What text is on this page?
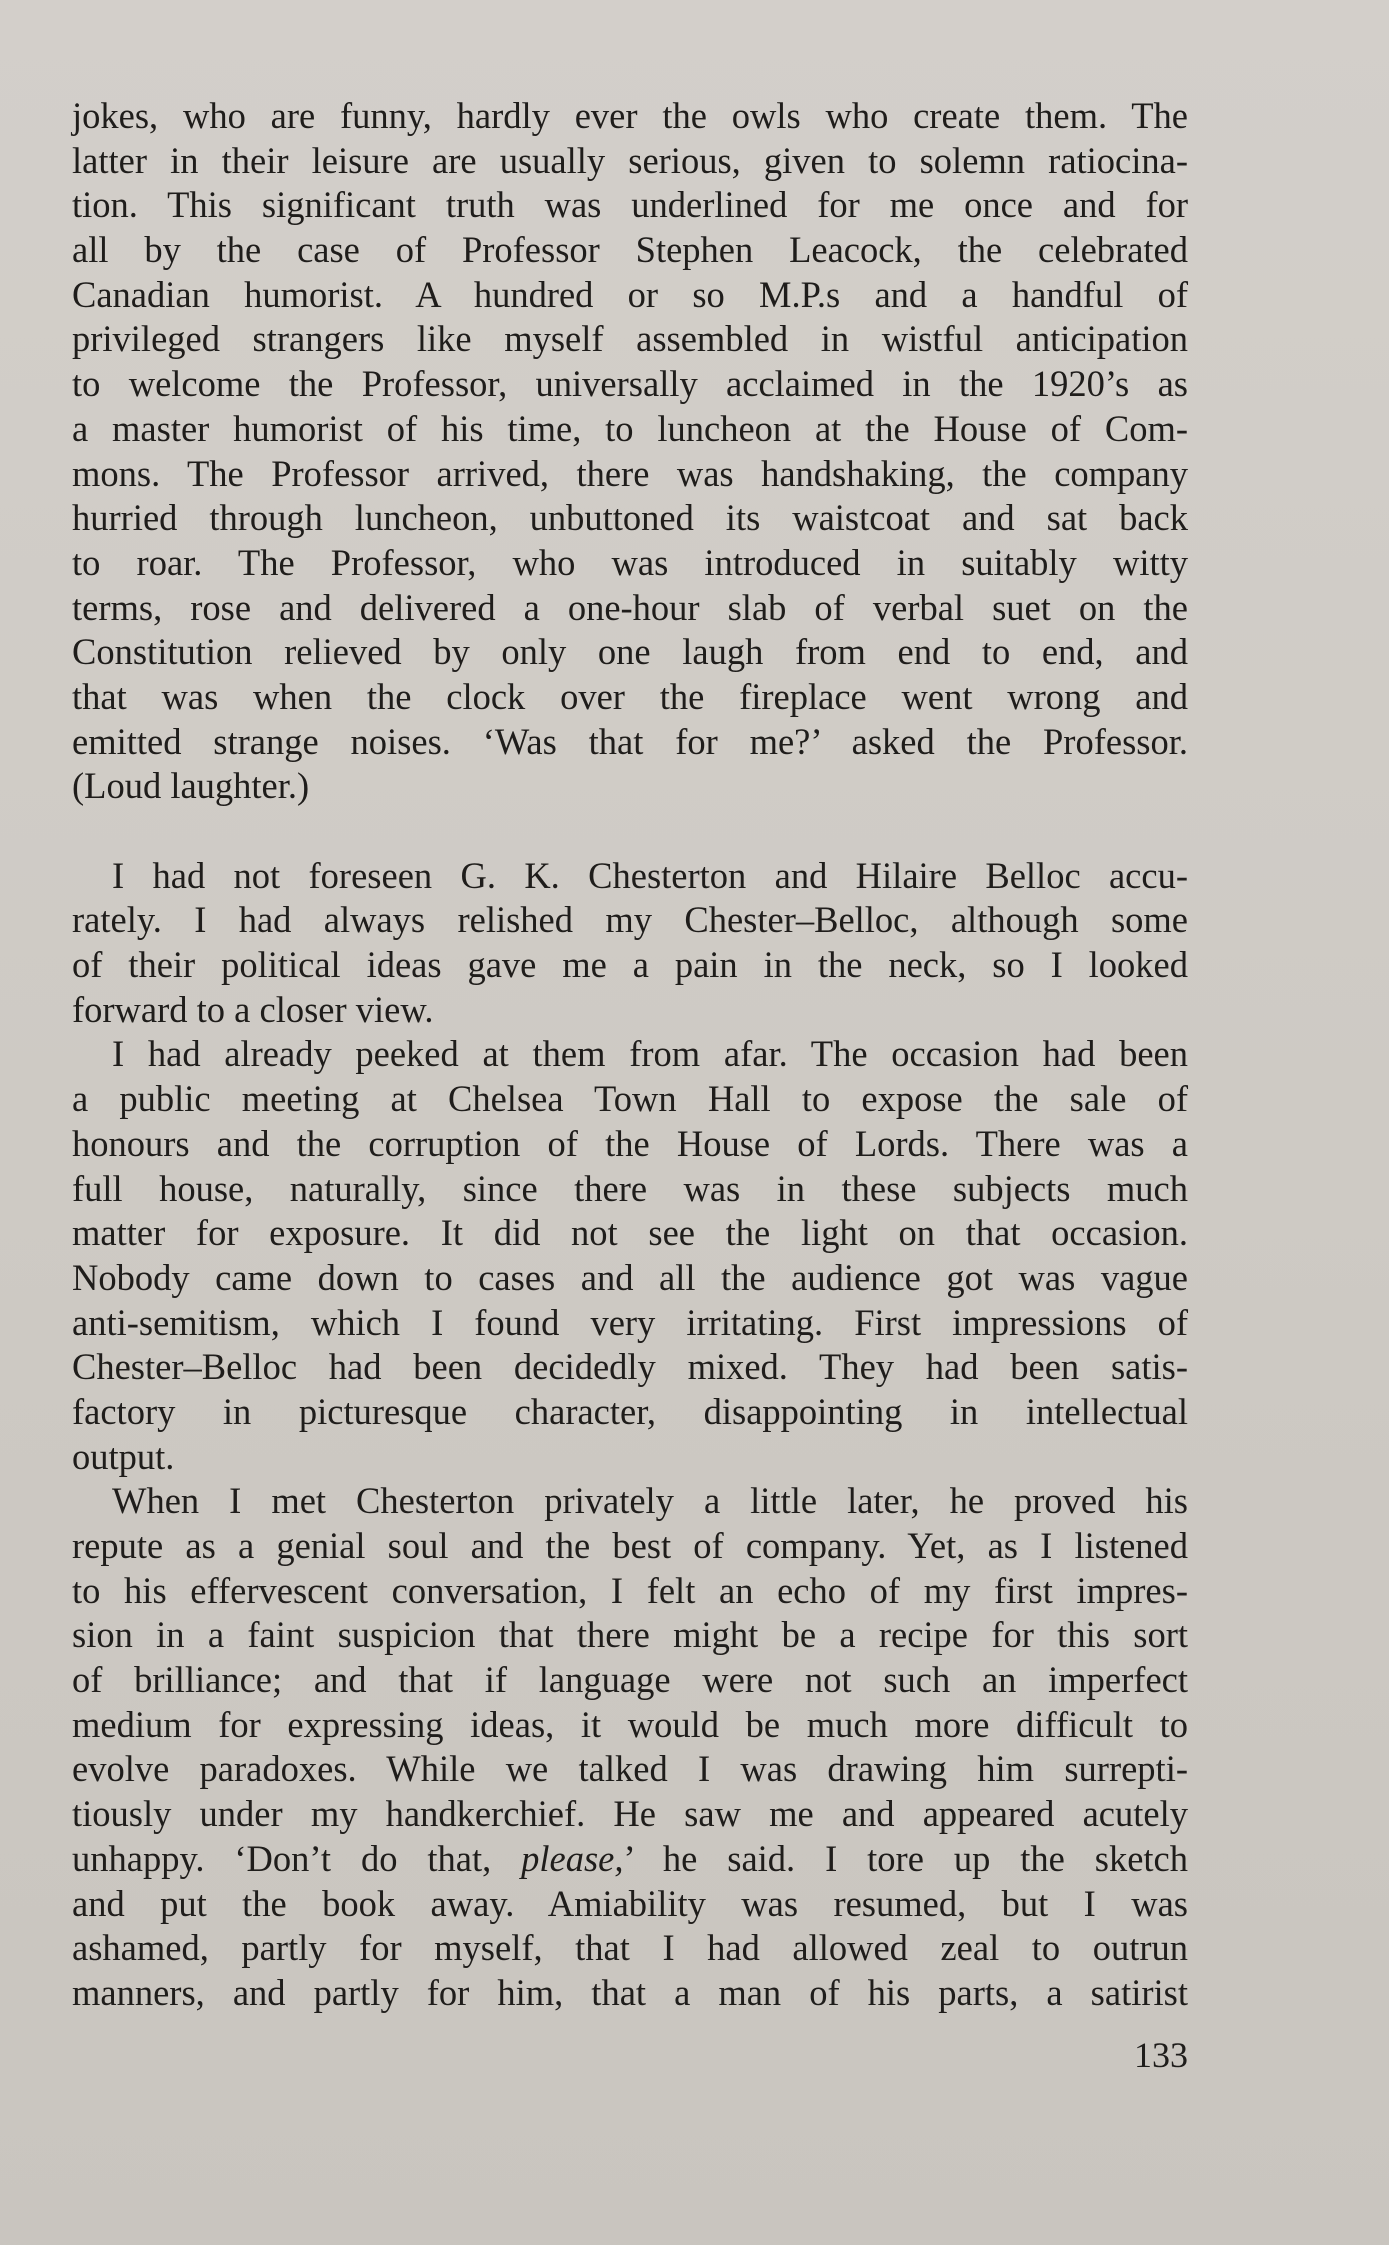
jokes, who are funny, hardly ever the owls who create them. The
latter in their leisure are usually serious, given to solemn ratiocina-
tion. This significant truth was underlined for me once and for
all by the case of Professor Stephen Leacock, the celebrated
Canadian humorist. A hundred or so M.P.s and a handful of
privileged strangers like myself assembled in wistful anticipation
to welcome the Professor, universally acclaimed in the 1920’s as
a master humorist of his time, to luncheon at the House of Com-
mons. The Professor arrived, there was handshaking, the company
hurried through luncheon, unbuttoned its waistcoat and sat back
to roar. The Professor, who was introduced in suitably witty
terms, rose and delivered a one-hour slab of verbal suet on the
Constitution relieved by only one laugh from end to end, and
that was when the clock over the fireplace went wrong and
emitted strange noises. ‘Was that for me?’ asked the Professor.
(Loud laughter.)
I had not foreseen G. K. Chesterton and Hilaire Belloc accu-
rately. I had always relished my Chester–Belloc, although some
of their political ideas gave me a pain in the neck, so I looked
forward to a closer view.
I had already peeked at them from afar. The occasion had been
a public meeting at Chelsea Town Hall to expose the sale of
honours and the corruption of the House of Lords. There was a
full house, naturally, since there was in these subjects much
matter for exposure. It did not see the light on that occasion.
Nobody came down to cases and all the audience got was vague
anti-semitism, which I found very irritating. First impressions of
Chester–Belloc had been decidedly mixed. They had been satis-
factory in picturesque character, disappointing in intellectual
output.
When I met Chesterton privately a little later, he proved his
repute as a genial soul and the best of company. Yet, as I listened
to his effervescent conversation, I felt an echo of my first impres-
sion in a faint suspicion that there might be a recipe for this sort
of brilliance; and that if language were not such an imperfect
medium for expressing ideas, it would be much more difficult to
evolve paradoxes. While we talked I was drawing him surrepti-
tiously under my handkerchief. He saw me and appeared acutely
unhappy. ‘Don’t do that, please,’ he said. I tore up the sketch
and put the book away. Amiability was resumed, but I was
ashamed, partly for myself, that I had allowed zeal to outrun
manners, and partly for him, that a man of his parts, a satirist
133
